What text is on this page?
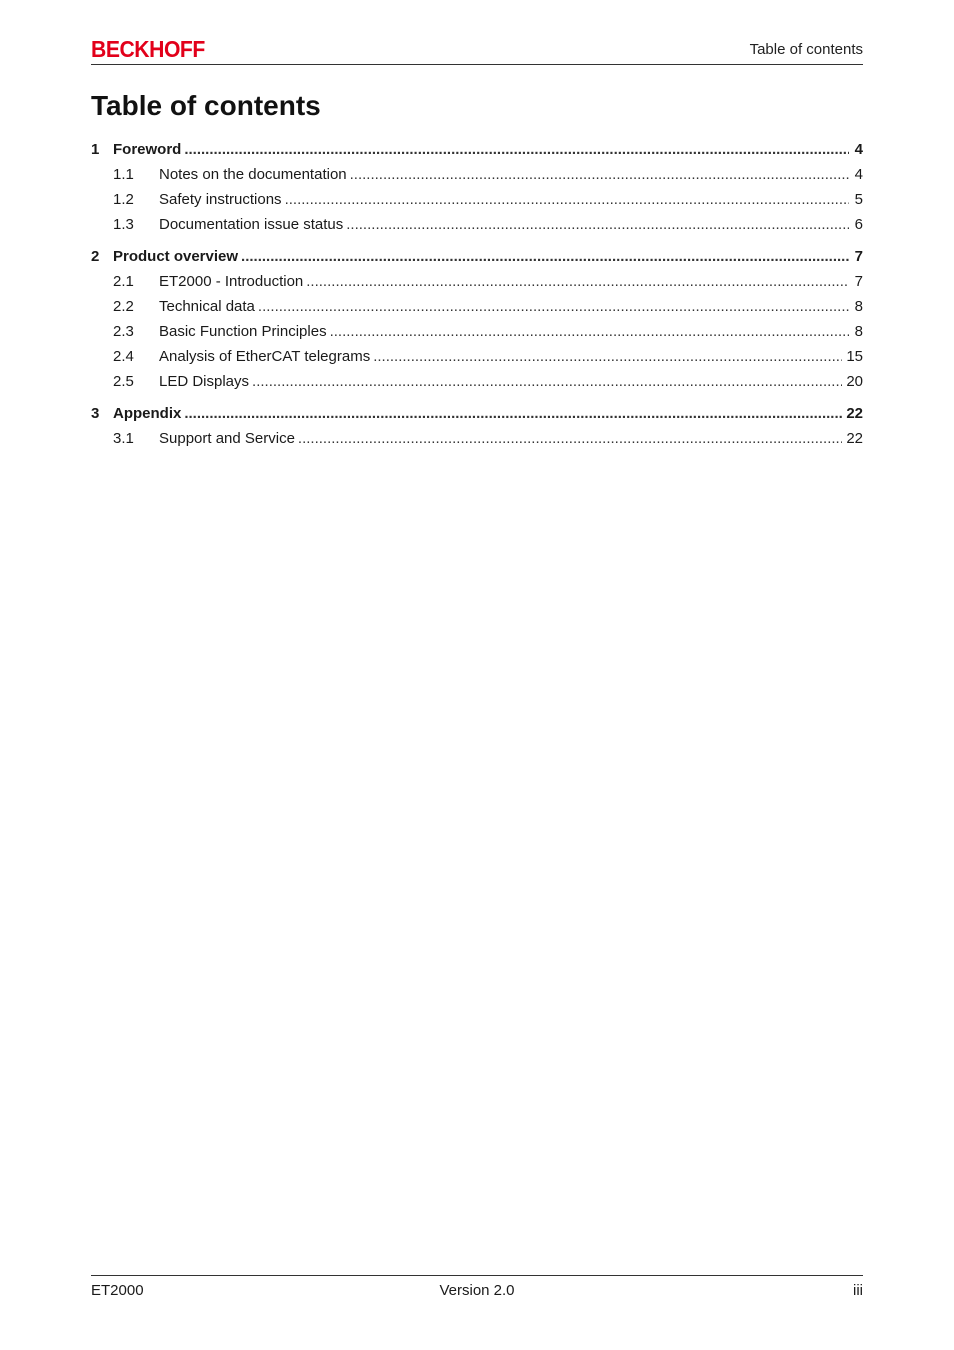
BECKHOFF	Table of contents
Table of contents
1 Foreword .....	4
1.1	Notes on the documentation .....	4
1.2	Safety instructions .....	5
1.3	Documentation issue status .....	6
2 Product overview .....	7
2.1	ET2000 - Introduction .....	7
2.2	Technical data .....	8
2.3	Basic Function Principles .....	8
2.4	Analysis of EtherCAT telegrams .....	15
2.5	LED Displays .....	20
3 Appendix .....	22
3.1	Support and Service .....	22
ET2000	Version 2.0	iii
